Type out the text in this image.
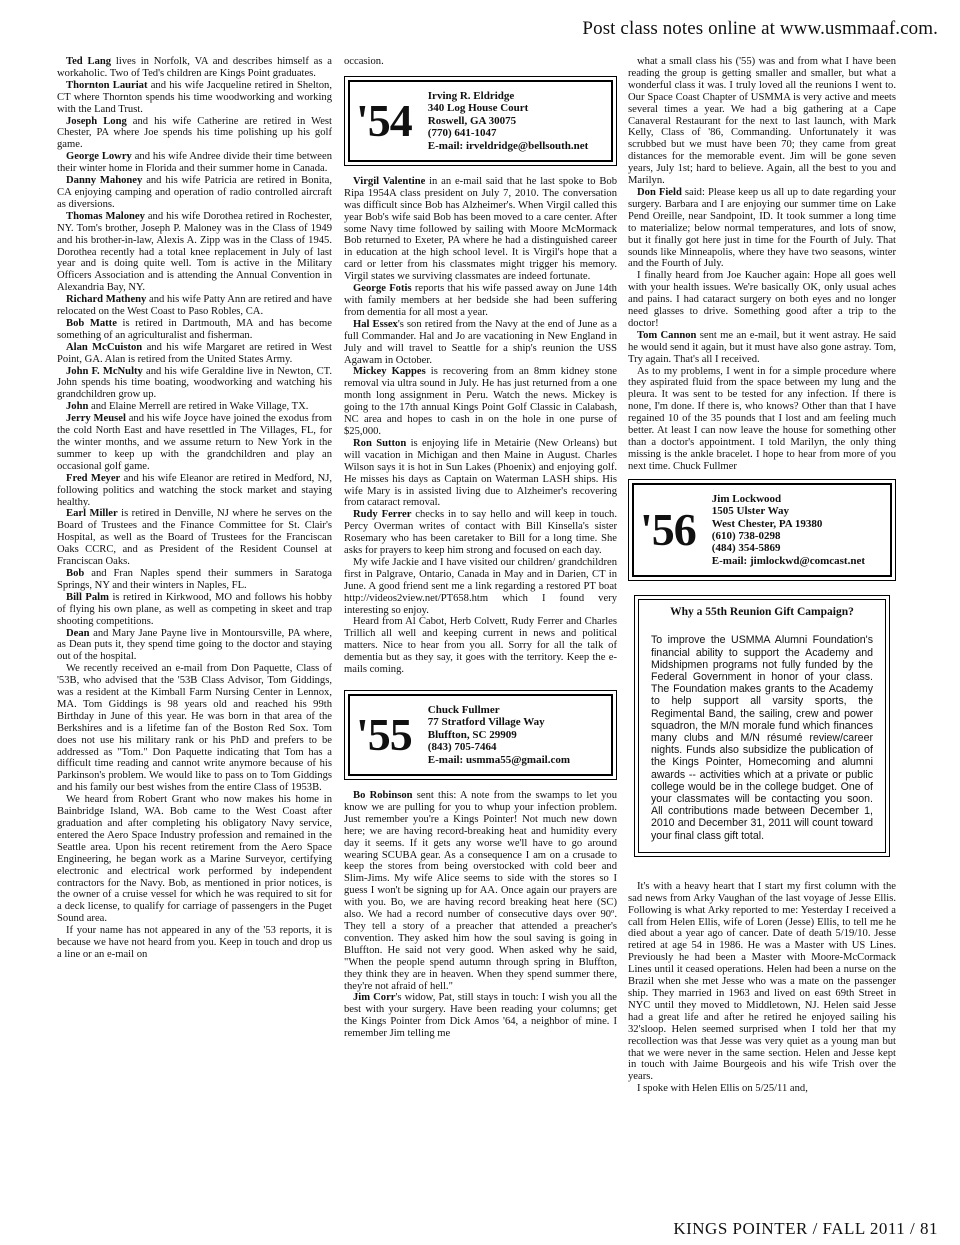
Post class notes online at www.usmmaaf.com.

Ted Lang lives in Norfolk, VA and describes himself as a workaholic. Two of Ted's children are Kings Point graduates.

Thornton Lauriat and his wife Jacqueline retired in Shelton, CT where Thornton spends his time woodworking and working with the Land Trust.

Joseph Long and his wife Catherine are retired in West Chester, PA where Joe spends his time polishing up his golf game.

George Lowry and his wife Andree divide their time between their winter home in Florida and their summer home in Canada.

Danny Mahoney and his wife Patricia are retired in Bonita, CA enjoying camping and operation of radio controlled aircraft as diversions.

Thomas Maloney and his wife Dorothea retired in Rochester, NY. Tom's brother, Joseph P. Maloney was in the Class of 1949 and his brother-in-law, Alexis A. Zipp was in the Class of 1945. Dorothea recently had a total knee replacement in July of last year and is doing quite well. Tom is active in the Military Officers Association and is attending the Annual Convention in Alexandria Bay, NY.

Richard Matheny and his wife Patty Ann are retired and have relocated on the West Coast to Paso Robles, CA.

Bob Matte is retired in Dartmouth, MA and has become something of an agriculturalist and fisherman.

Alan McCuiston and his wife Margaret are retired in West Point, GA. Alan is retired from the United States Army.

John F. McNulty and his wife Geraldine live in Newton, CT. John spends his time boating, woodworking and watching his grandchildren grow up.

John and Elaine Merrell are retired in Wake Village, TX.

Jerry Meusel and his wife Joyce have joined the exodus from the cold North East and have resettled in The Villages, FL, for the winter months, and we assume return to New York in the summer to keep up with the grandchildren and play an occasional golf game.

Fred Meyer and his wife Eleanor are retired in Medford, NJ, following politics and watching the stock market and staying healthy.

Earl Miller is retired in Denville, NJ where he serves on the Board of Trustees and the Finance Committee for St. Clair's Hospital, as well as the Board of Trustees for the Franciscan Oaks CCRC, and as President of the Resident Counsel at Franciscan Oaks.

Bob and Fran Naples spend their summers in Saratoga Springs, NY and their winters in Naples, FL.

Bill Palm is retired in Kirkwood, MO and follows his hobby of flying his own plane, as well as competing in skeet and trap shooting competitions.

Dean and Mary Jane Payne live in Montoursville, PA where, as Dean puts it, they spend time going to the doctor and staying out of the hospital.

We recently received an e-mail from Don Paquette, Class of '53B, who advised that the '53B Class Advisor, Tom Giddings, was a resident at the Kimball Farm Nursing Center in Lennox, MA. Tom Giddings is 98 years old and reached his 99th Birthday in June of this year. He was born in that area of the Berkshires and is a lifetime fan of the Boston Red Sox. Tom does not use his military rank or his PhD and prefers to be addressed as "Tom." Don Paquette indicating that Tom has a difficult time reading and cannot write anymore because of his Parkinson's problem. We would like to pass on to Tom Giddings and his family our best wishes from the entire Class of 1953B.

We heard from Robert Grant who now makes his home in Bainbridge Island, WA. Bob came to the West Coast after graduation and after completing his obligatory Navy service, entered the Aero Space Industry profession and remained in the Seattle area. Upon his recent retirement from the Aero Space Engineering, he began work as a Marine Surveyor, certifying electronic and electrical work performed by independent contractors for the Navy. Bob, as mentioned in prior notices, is the owner of a cruise vessel for which he was required to sit for a deck license, to qualify for carriage of passengers in the Puget Sound area.

If your name has not appeared in any of the '53 reports, it is because we have not heard from you. Keep in touch and drop us a line or an e-mail on

occasion.

'54 Irving R. Eldridge
340 Log House Court
Roswell, GA 30075
(770) 641-1047
E-mail: irveldridge@bellsouth.net

Virgil Valentine in an e-mail said that he last spoke to Bob Ripa 1954A class president on July 7, 2010. The conversation was difficult since Bob has Alzheimer's. When Virgil called this year Bob's wife said Bob has been moved to a care center. After some Navy time followed by sailing with Moore McMormack Bob returned to Exeter, PA where he had a distinguished career in education at the high school level. It is Virgil's hope that a card or letter from his classmates might trigger his memory. Virgil states we surviving classmates are indeed fortunate.

George Fotis reports that his wife passed away on June 14th with family members at her bedside she had been suffering from dementia for all most a year.

Hal Essex's son retired from the Navy at the end of June as a full Commander. Hal and Jo are vacationing in New England in July and will travel to Seattle for a ship's reunion the USS Agawam in October.

Mickey Kappes is recovering from an 8mm kidney stone removal via ultra sound in July. He has just returned from a one month long assignment in Peru. Watch the news. Mickey is going to the 17th annual Kings Point Golf Classic in Calabash, NC area and hopes to cash in on the hole in one purse of $25,000.

Ron Sutton is enjoying life in Metairie (New Orleans) but will vacation in Michigan and then Maine in August. Charles Wilson says it is hot in Sun Lakes (Phoenix) and enjoying golf. He misses his days as Captain on Waterman LASH ships. His wife Mary is in assisted living due to Alzheimer's recovering from cataract removal.

Rudy Ferrer checks in to say hello and will keep in touch. Percy Overman writes of contact with Bill Kinsella's sister Rosemary who has been caretaker to Bill for a long time. She asks for prayers to keep him strong and focused on each day.

My wife Jackie and I have visited our children/ grandchildren first in Palgrave, Ontario, Canada in May and in Darien, CT in June. A good friend sent me a link regarding a restored PT boat http://videos2view.net/PT658.htm which I found very interesting so enjoy.

Heard from Al Cabot, Herb Colvett, Rudy Ferrer and Charles Trillich all well and keeping current in news and political matters. Nice to hear from you all. Sorry for all the talk of dementia but as they say, it goes with the territory. Keep the e-mails coming.

'55 Chuck Fullmer
77 Stratford Village Way
Bluffton, SC 29909
(843) 705-7464
E-mail: usmma55@gmail.com

Bo Robinson sent this: A note from the swamps to let you know we are pulling for you to whup your infection problem. Just remember you're a Kings Pointer! Not much new down here; we are having record-breaking heat and humidity every day it seems. If it gets any worse we'll have to go around wearing SCUBA gear. As a consequence I am on a crusade to keep the stores from being overstocked with cold beer and Slim-Jims. My wife Alice seems to side with the stores so I guess I won't be signing up for AA. Once again our prayers are with you. Bo, we are having record breaking heat here (SC) also. We had a record number of consecutive days over 90º. They tell a story of a preacher that attended a preacher's convention. They asked him how the soul saving is going in Bluffton. He said not very good. When asked why he said, "When the people spend autumn through spring in Bluffton, they think they are in heaven. When they spend summer there, they're not afraid of hell."

Jim Corr's widow, Pat, still stays in touch: I wish you all the best with your surgery. Have been reading your columns; get the Kings Pointer from Dick Amos '64, a neighbor of mine. I remember Jim telling me

what a small class his ('55) was and from what I have been reading the group is getting smaller and smaller, but what a wonderful class it was. I truly loved all the reunions I went to. Our Space Coast Chapter of USMMA is very active and meets several times a year. We had a big gathering at a Cape Canaveral Restaurant for the next to last launch, with Mark Kelly, Class of '86, Commanding. Unfortunately it was scrubbed but we must have been 70; they came from great distances for the memorable event. Jim will be gone seven years, July 1st; hard to believe. Again, all the best to you and Marilyn.

Don Field said: Please keep us all up to date regarding your surgery. Barbara and I are enjoying our summer time on Lake Pend Oreille, near Sandpoint, ID. It took summer a long time to materialize; below normal temperatures, and lots of snow, but it finally got here just in time for the Fourth of July. That sounds like Minneapolis, where they have two seasons, winter and the Fourth of July.

I finally heard from Joe Kaucher again: Hope all goes well with your health issues. We're basically OK, only usual aches and pains. I had cataract surgery on both eyes and no longer need glasses to drive. Something good after a trip to the doctor!

Tom Cannon sent me an e-mail, but it went astray. He said he would send it again, but it must have also gone astray. Tom, Try again. That's all I received.

As to my problems, I went in for a simple procedure where they aspirated fluid from the space between my lung and the pleura. It was sent to be tested for any infection. If there is none, I'm done. If there is, who knows? Other than that I have regained 10 of the 35 pounds that I lost and am feeling much better. At least I can now leave the house for something other than a doctor's appointment. I told Marilyn, the only thing missing is the ankle bracelet. I hope to hear from more of you next time. Chuck Fullmer

'56
Jim Lockwood
1505 Ulster Way
West Chester, PA 19380
(610) 738-0298
(484) 354-5869
E-mail: jimlockwd@comcast.net
Why a 55th Reunion Gift Campaign?
To improve the USMMA Alumni Foundation's financial ability to support the Academy and Midshipmen programs not fully funded by the Federal Government in honor of your class. The Foundation makes grants to the Academy to help support all varsity sports, the Regimental Band, the sailing, crew and power squadron, the M/N morale fund which finances many clubs and M/N résumé review/career nights. Funds also subsidize the publication of the Kings Pointer, Homecoming and alumni awards -- activities which at a private or public college would be in the college budget. One of your classmates will be contacting you soon. All contributions made between December 1, 2010 and December 31, 2011 will count toward your final class gift total.

It's with a heavy heart that I start my first column with the sad news from Arky Vaughan of the last voyage of Jesse Ellis. Following is what Arky reported to me: Yesterday I received a call from Helen Ellis, wife of Loren (Jesse) Ellis, to tell me he died about a year ago of cancer. Date of death 5/19/10. Jesse retired at age 54 in 1986. He was a Master with US Lines. Previously he had been a Master with Moore-McCormack Lines until it ceased operations. Helen had been a nurse on the Brazil when she met Jesse who was a mate on the passenger ship. They married in 1963 and lived on east 69th Street in NYC until they moved to Middletown, NJ. Helen said Jesse had a great life and after he retired he enjoyed sailing his 32'sloop. Helen seemed surprised when I told her that my recollection was that Jesse was very quiet as a young man but that we were never in the same section. Helen and Jesse kept in touch with Jaime Bourgeois and his wife Trish over the years.

I spoke with Helen Ellis on 5/25/11 and,

KINGS POINTER / FALL 2011 / 81
